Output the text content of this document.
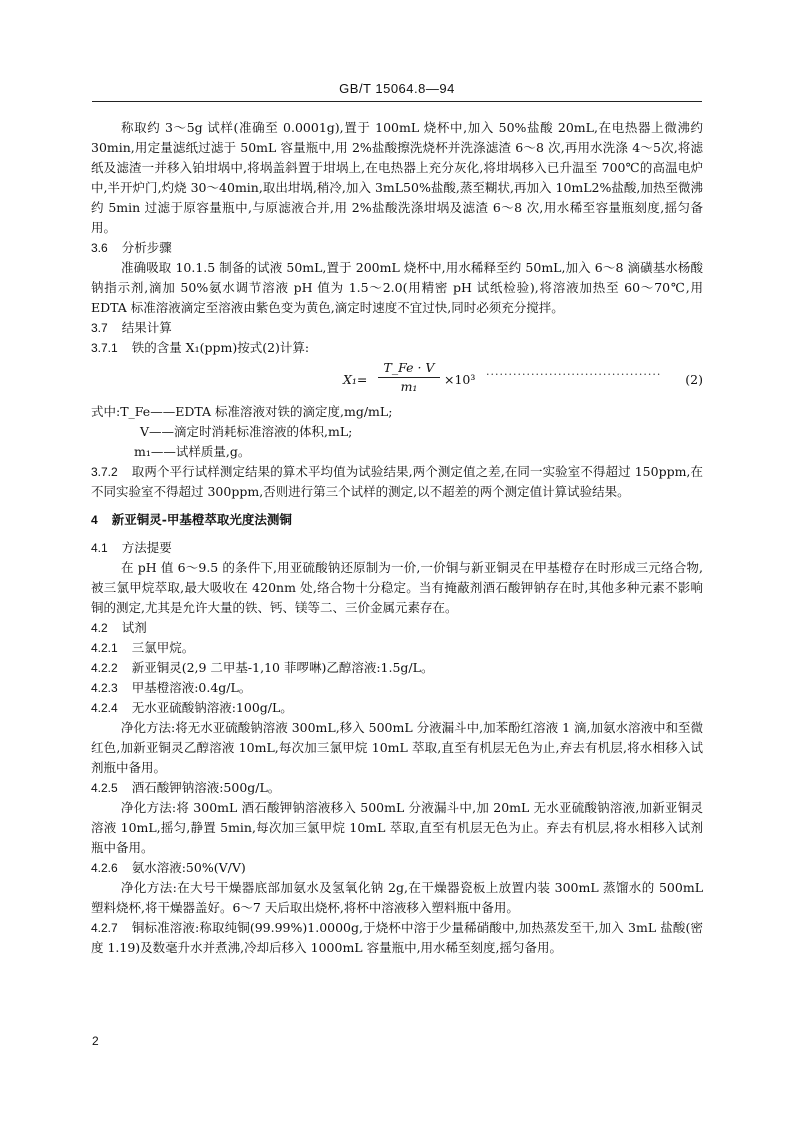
GB/T 15064.8—94

称取约 3～5g 试样(准确至 0.0001g),置于 100mL 烧杯中,加入 50%盐酸 20mL,在电热器上微沸约 30min,用定量滤纸过滤于 50mL 容量瓶中,用 2%盐酸擦洗烧杯并洗涤滤渣 6～8 次,再用水洗涤 4～5次,将滤纸及滤渣一并移入铂坩埚中,将埚盖斜置于坩埚上,在电热器上充分灰化,将坩埚移入已升温至 700℃的高温电炉中,半开炉门,灼烧 30～40min,取出坩埚,稍冷,加入 3mL50%盐酸,蒸至糊状,再加入 10mL2%盐酸,加热至微沸约 5min 过滤于原容量瓶中,与原滤液合并,用 2%盐酸洗涤坩埚及滤渣 6～8 次,用水稀至容量瓶刻度,摇匀备用。

3.6 分析步骤

准确吸取 10.1.5 制备的试液 50mL,置于 200mL 烧杯中,用水稀释至约 50mL,加入 6～8 滴磺基水杨酸钠指示剂,滴加 50%氨水调节溶液 pH 值为 1.5～2.0(用精密 pH 试纸检验),将溶液加热至 60～70℃,用 EDTA 标准溶液滴定至溶液由紫色变为黄色,滴定时速度不宜过快,同时必须充分搅拌。

3.7 结果计算

3.7.1 铁的含量 X₁(ppm)按式(2)计算:

X₁=
T_Fe · V
m₁	×10³ ······································· (2)

式中:T_Fe——EDTA 标准溶液对铁的滴定度,mg/mL;

V——滴定时消耗标准溶液的体积,mL;

m₁——试样质量,g。

3.7.2 取两个平行试样测定结果的算术平均值为试验结果,两个测定值之差,在同一实验室不得超过 150ppm,在不同实验室不得超过 300ppm,否则进行第三个试样的测定,以不超差的两个测定值计算试验结果。

4 新亚铜灵-甲基橙萃取光度法测铜

4.1 方法提要

在 pH 值 6～9.5 的条件下,用亚硫酸钠还原制为一价,一价铜与新亚铜灵在甲基橙存在时形成三元络合物,被三氯甲烷萃取,最大吸收在 420nm 处,络合物十分稳定。当有掩蔽剂酒石酸钾钠存在时,其他多种元素不影响铜的测定,尤其是允许大量的铁、钙、镁等二、三价金属元素存在。

4.2 试剂

4.2.1 三氯甲烷。

4.2.2 新亚铜灵(2,9 二甲基-1,10 菲啰啉)乙醇溶液:1.5g/L。

4.2.3 甲基橙溶液:0.4g/L。

4.2.4 无水亚硫酸钠溶液:100g/L。

净化方法:将无水亚硫酸钠溶液 300mL,移入 500mL 分液漏斗中,加苯酚红溶液 1 滴,加氨水溶液中和至微红色,加新亚铜灵乙醇溶液 10mL,每次加三氯甲烷 10mL 萃取,直至有机层无色为止,弃去有机层,将水相移入试剂瓶中备用。

4.2.5 酒石酸钾钠溶液:500g/L。

净化方法:将 300mL 酒石酸钾钠溶液移入 500mL 分液漏斗中,加 20mL 无水亚硫酸钠溶液,加新亚铜灵溶液 10mL,摇匀,静置 5min,每次加三氯甲烷 10mL 萃取,直至有机层无色为止。弃去有机层,将水相移入试剂瓶中备用。

4.2.6 氨水溶液:50%(V/V)

净化方法:在大号干燥器底部加氨水及氢氧化钠 2g,在干燥器瓷板上放置内装 300mL 蒸馏水的 500mL 塑料烧杯,将干燥器盖好。6～7 天后取出烧杯,将杯中溶液移入塑料瓶中备用。

4.2.7 铜标准溶液:称取纯铜(99.99%)1.0000g,于烧杯中溶于少量稀硝酸中,加热蒸发至干,加入 3mL 盐酸(密度 1.19)及数毫升水并煮沸,冷却后移入 1000mL 容量瓶中,用水稀至刻度,摇匀备用。

2
